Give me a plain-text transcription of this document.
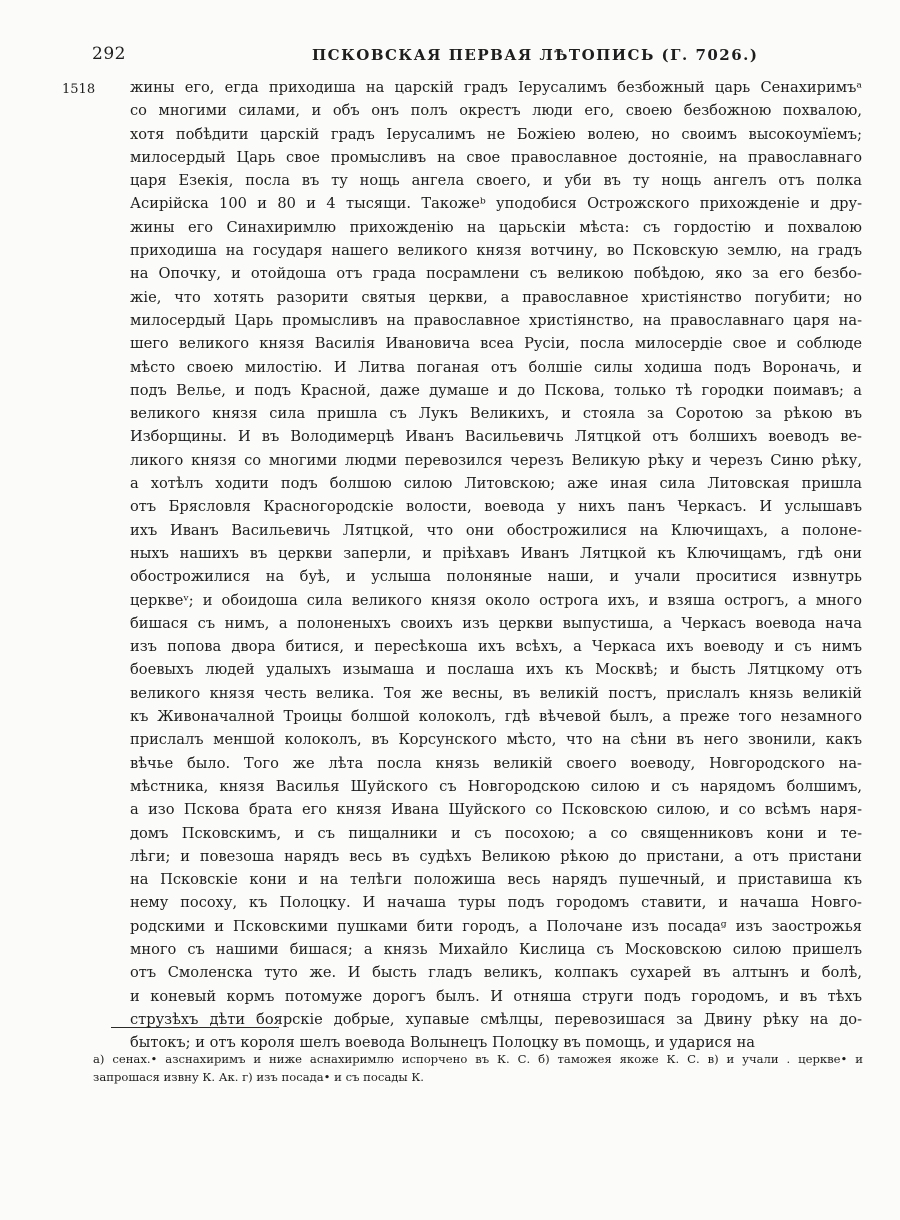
292	ПСКОВСКАЯ ПЕРВАЯ ЛѢТОПИСЬ (Г. 7026.)
1518 жины его, егда приходиша на царскій градъ Іерусалимъ безбожный царь Сенахиримъᵃ
со многими силами, и объ онъ полъ окрестъ люди его, своею безбожною похвалою,
хотя побѣдити царскій градъ Іерусалимъ не Божіею волею, но своимъ высокоумїемъ;
милосердый Царь свое промысливъ на свое православное достояніе, на православнаго
царя Езекія, посла въ ту нощь ангела своего, и уби въ ту нощь ангелъ отъ полка
Асирійска 100 и 80 и 4 тысящи. Такожеᵇ уподобися Острожского прихожденіе и дру-
жины его Синахиримлю прихожденію на царьскіи мѣста: съ гордостію и похвалою
приходиша на государя нашего великого князя вотчину, во Псковскую землю, на градъ
на Опочку, и отойдоша отъ града посрамлени съ великою побѣдою, яко за его безбо-
жіе, что хотять разорити святыя церкви, а православное христіянство погубити; но
милосердый Царь промысливъ на православное христіянство, на православнаго царя на-
шего великого князя Василія Ивановича всеа Русіи, посла милосердіе свое и соблюде
мѣсто своею милостію. И Литва поганая отъ болшіе силы ходиша подъ Вороначь, и
подъ Велье, и подъ Красной, даже думаше и до Пскова, только тѣ городки поимавъ; а
великого князя сила пришла съ Лукъ Великихъ, и стояла за Соротою за рѣкою въ
Изборщины. И въ Володимерцѣ Иванъ Васильевичь Лятцкой отъ болшихъ воеводъ ве-
ликого князя со многими людми перевозился черезъ Великую рѣку и черезъ Синю рѣку,
а хотѣлъ ходити подъ болшою силою Литовскою; аже иная сила Литовская пришла
отъ Брясловля Красногородскіе волости, воевода у нихъ панъ Черкасъ. И услышавъ
ихъ Иванъ Васильевичь Лятцкой, что они обострожилися на Ключищахъ, а полоне-
ныхъ нашихъ въ церкви заперли, и пріѣхавъ Иванъ Лятцкой къ Ключищамъ, гдѣ они
обострожилися на буѣ, и услыша полоняные наши, и учали проситися извнутрь
церквеᵛ; и обоидоша сила великого князя около острога ихъ, и взяша острогъ, а много
бишася съ нимъ, а полоненыхъ своихъ изъ церкви выпустиша, а Черкасъ воевода нача
изъ попова двора битися, и пересѣкоша ихъ всѣхъ, а Черкаса ихъ воеводу и съ нимъ
боевыхъ людей удалыхъ изымаша и послаша ихъ къ Москвѣ; и бысть Лятцкому отъ
великого князя честь велика. Тоя же весны, въ великій постъ, прислалъ князь великій
къ Живоначалной Троицы болшой колоколъ, гдѣ вѣчевой былъ, а преже того незамного
прислалъ меншой колоколъ, въ Корсунского мѣсто, что на сѣни въ него звонили, какъ
вѣчье было. Того же лѣта посла князь великій своего воеводу, Новгородского на-
мѣстника, князя Василья Шуйского съ Новгородскою силою и съ нарядомъ болшимъ,
а изо Пскова брата его князя Ивана Шуйского со Псковскою силою, и со всѣмъ наря-
домъ Псковскимъ, и съ пищалники и съ посохою; а со священниковъ кони и те-
лѣги; и повезоша нарядъ весь въ судѣхъ Великою рѣкою до пристани, а отъ пристани
на Псковскіе кони и на телѣги положиша весь нарядъ пушечный, и приставиша къ
нему посоху, къ Полоцку. И начаша туры подъ городомъ ставити, и начаша Новго-
родскими и Псковскими пушками бити городъ, а Полочане изъ посадаᵍ изъ заострожья
много съ нашими бишася; а князь Михайло Кислица съ Московскою силою пришелъ
отъ Смоленска туто же. И бысть гладъ великъ, колпакъ сухарей въ алтынъ и болѣ,
и коневый кормъ потомуже дорогъ былъ. И отняша струги подъ городомъ, и въ тѣхъ
струзѣхъ дѣти боярскіе добрые, хупавые смѣлцы, перевозишася за Двину рѣку на до-
бытокъ; и отъ короля шелъ воевода Волынецъ Полоцку въ помощь, и ударися на
а) сенах.• азснахиримъ и ниже аснахиримлю испорчено въ К. С. б) таможея якоже К. С. в) и учали . церкве• и
запрошася извну К. Ак. г) изъ посада• и съ посады К.
